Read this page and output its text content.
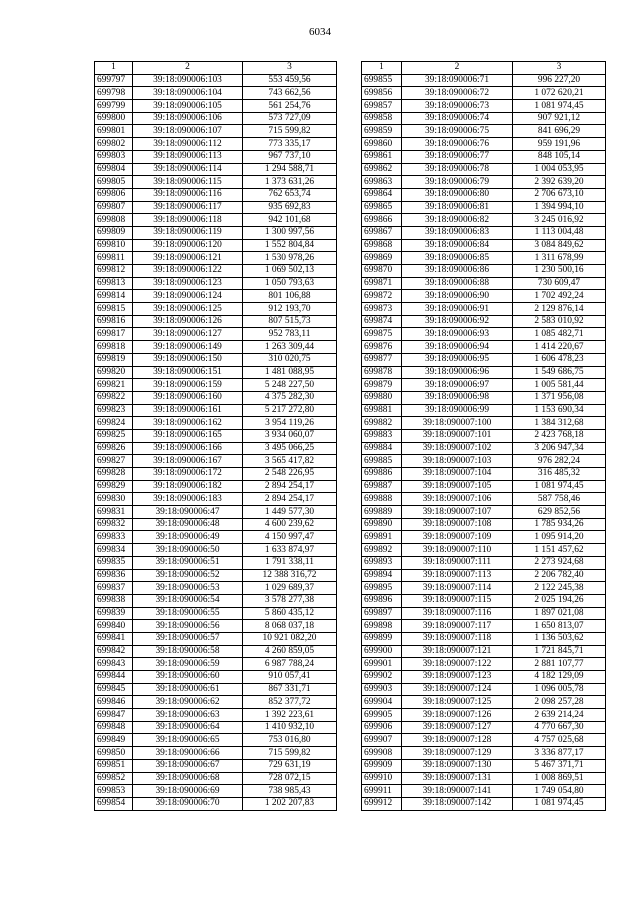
6034
1	2	3
699797	39:18:090006:103	553 459,56
699798	39:18:090006:104	743 662,56
699799	39:18:090006:105	561 254,76
699800	39:18:090006:106	573 727,09
699801	39:18:090006:107	715 599,82
699802	39:18:090006:112	773 335,17
699803	39:18:090006:113	967 737,10
699804	39:18:090006:114	1 294 588,71
699805	39:18:090006:115	1 373 631,26
699806	39:18:090006:116	762 653,74
699807	39:18:090006:117	935 692,83
699808	39:18:090006:118	942 101,68
699809	39:18:090006:119	1 300 997,56
699810	39:18:090006:120	1 552 804,84
699811	39:18:090006:121	1 530 978,26
699812	39:18:090006:122	1 069 502,13
699813	39:18:090006:123	1 050 793,63
699814	39:18:090006:124	801 106,88
699815	39:18:090006:125	912 193,70
699816	39:18:090006:126	807 515,73
699817	39:18:090006:127	952 783,11
699818	39:18:090006:149	1 263 309,44
699819	39:18:090006:150	310 020,75
699820	39:18:090006:151	1 481 088,95
699821	39:18:090006:159	5 248 227,50
699822	39:18:090006:160	4 375 282,30
699823	39:18:090006:161	5 217 272,80
699824	39:18:090006:162	3 954 119,26
699825	39:18:090006:165	3 934 060,07
699826	39:18:090006:166	3 495 066,25
699827	39:18:090006:167	3 565 417,82
699828	39:18:090006:172	2 548 226,95
699829	39:18:090006:182	2 894 254,17
699830	39:18:090006:183	2 894 254,17
699831	39:18:090006:47	1 449 577,30
699832	39:18:090006:48	4 600 239,62
699833	39:18:090006:49	4 150 997,47
699834	39:18:090006:50	1 633 874,97
699835	39:18:090006:51	1 791 338,11
699836	39:18:090006:52	12 388 316,72
699837	39:18:090006:53	1 029 689,37
699838	39:18:090006:54	3 578 277,38
699839	39:18:090006:55	5 860 435,12
699840	39:18:090006:56	8 068 037,18
699841	39:18:090006:57	10 921 082,20
699842	39:18:090006:58	4 260 859,05
699843	39:18:090006:59	6 987 788,24
699844	39:18:090006:60	910 057,41
699845	39:18:090006:61	867 331,71
699846	39:18:090006:62	852 377,72
699847	39:18:090006:63	1 392 223,61
699848	39:18:090006:64	1 410 932,10
699849	39:18:090006:65	753 016,80
699850	39:18:090006:66	715 599,82
699851	39:18:090006:67	729 631,19
699852	39:18:090006:68	728 072,15
699853	39:18:090006:69	738 985,43
699854	39:18:090006:70	1 202 207,83
1	2	3
699855	39:18:090006:71	996 227,20
699856	39:18:090006:72	1 072 620,21
699857	39:18:090006:73	1 081 974,45
699858	39:18:090006:74	907 921,12
699859	39:18:090006:75	841 696,29
699860	39:18:090006:76	959 191,96
699861	39:18:090006:77	848 105,14
699862	39:18:090006:78	1 004 053,95
699863	39:18:090006:79	2 392 639,20
699864	39:18:090006:80	2 706 673,10
699865	39:18:090006:81	1 394 994,10
699866	39:18:090006:82	3 245 016,92
699867	39:18:090006:83	1 113 004,48
699868	39:18:090006:84	3 084 849,62
699869	39:18:090006:85	1 311 678,99
699870	39:18:090006:86	1 230 500,16
699871	39:18:090006:88	730 609,47
699872	39:18:090006:90	1 702 492,24
699873	39:18:090006:91	2 129 876,14
699874	39:18:090006:92	2 583 010,92
699875	39:18:090006:93	1 085 482,71
699876	39:18:090006:94	1 414 220,67
699877	39:18:090006:95	1 606 478,23
699878	39:18:090006:96	1 549 686,75
699879	39:18:090006:97	1 005 581,44
699880	39:18:090006:98	1 371 956,08
699881	39:18:090006:99	1 153 690,34
699882	39:18:090007:100	1 384 312,68
699883	39:18:090007:101	2 423 768,18
699884	39:18:090007:102	3 206 947,34
699885	39:18:090007:103	976 282,24
699886	39:18:090007:104	316 485,32
699887	39:18:090007:105	1 081 974,45
699888	39:18:090007:106	587 758,46
699889	39:18:090007:107	629 852,56
699890	39:18:090007:108	1 785 934,26
699891	39:18:090007:109	1 095 914,20
699892	39:18:090007:110	1 151 457,62
699893	39:18:090007:111	2 273 924,68
699894	39:18:090007:113	2 206 782,40
699895	39:18:090007:114	2 122 245,38
699896	39:18:090007:115	2 025 194,26
699897	39:18:090007:116	1 897 021,08
699898	39:18:090007:117	1 650 813,07
699899	39:18:090007:118	1 136 503,62
699900	39:18:090007:121	1 721 845,71
699901	39:18:090007:122	2 881 107,77
699902	39:18:090007:123	4 182 129,09
699903	39:18:090007:124	1 096 005,78
699904	39:18:090007:125	2 098 257,28
699905	39:18:090007:126	2 639 214,24
699906	39:18:090007:127	4 770 667,30
699907	39:18:090007:128	4 757 025,68
699908	39:18:090007:129	3 336 877,17
699909	39:18:090007:130	5 467 371,71
699910	39:18:090007:131	1 008 869,51
699911	39:18:090007:141	1 749 054,80
699912	39:18:090007:142	1 081 974,45
